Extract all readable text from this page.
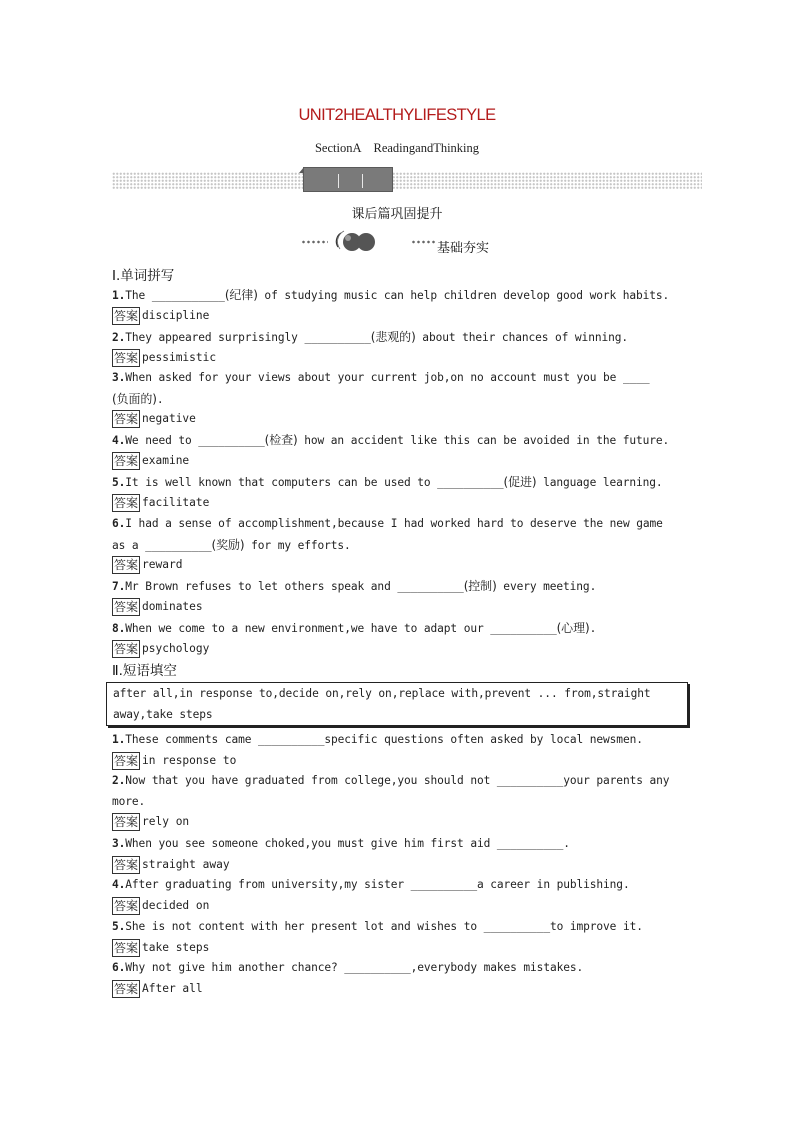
UNIT2HEALTHYLIFESTYLE
SectionA ReadingandThinking
课后篇巩固提升
基础夯实
Ⅰ.单词拼写
1.The ___________(纪律) of studying music can help children develop good work habits.
答案 discipline
2.They appeared surprisingly __________(悲观的) about their chances of winning.
答案 pessimistic
3.When asked for your views about your current job,on no account must you be ____
(负面的).
答案 negative
4.We need to __________(检查) how an accident like this can be avoided in the future.
答案 examine
5.It is well known that computers can be used to __________(促进) language learning.
答案 facilitate
6.I had a sense of accomplishment,because I had worked hard to deserve the new game
as a __________(奖励) for my efforts.
答案 reward
7.Mr Brown refuses to let others speak and __________(控制) every meeting.
答案 dominates
8.When we come to a new environment,we have to adapt our __________(心理).
答案 psychology
Ⅱ.短语填空
after all,in response to,decide on,rely on,replace with,prevent ... from,straight
away,take steps
1.These comments came __________specific questions often asked by local newsmen.
答案 in response to
2.Now that you have graduated from college,you should not __________your parents any
more.
答案 rely on
3.When you see someone choked,you must give him first aid __________.
答案 straight away
4.After graduating from university,my sister __________a career in publishing.
答案 decided on
5.She is not content with her present lot and wishes to __________to improve it.
答案 take steps
6.Why not give him another chance? __________,everybody makes mistakes.
答案 After all
